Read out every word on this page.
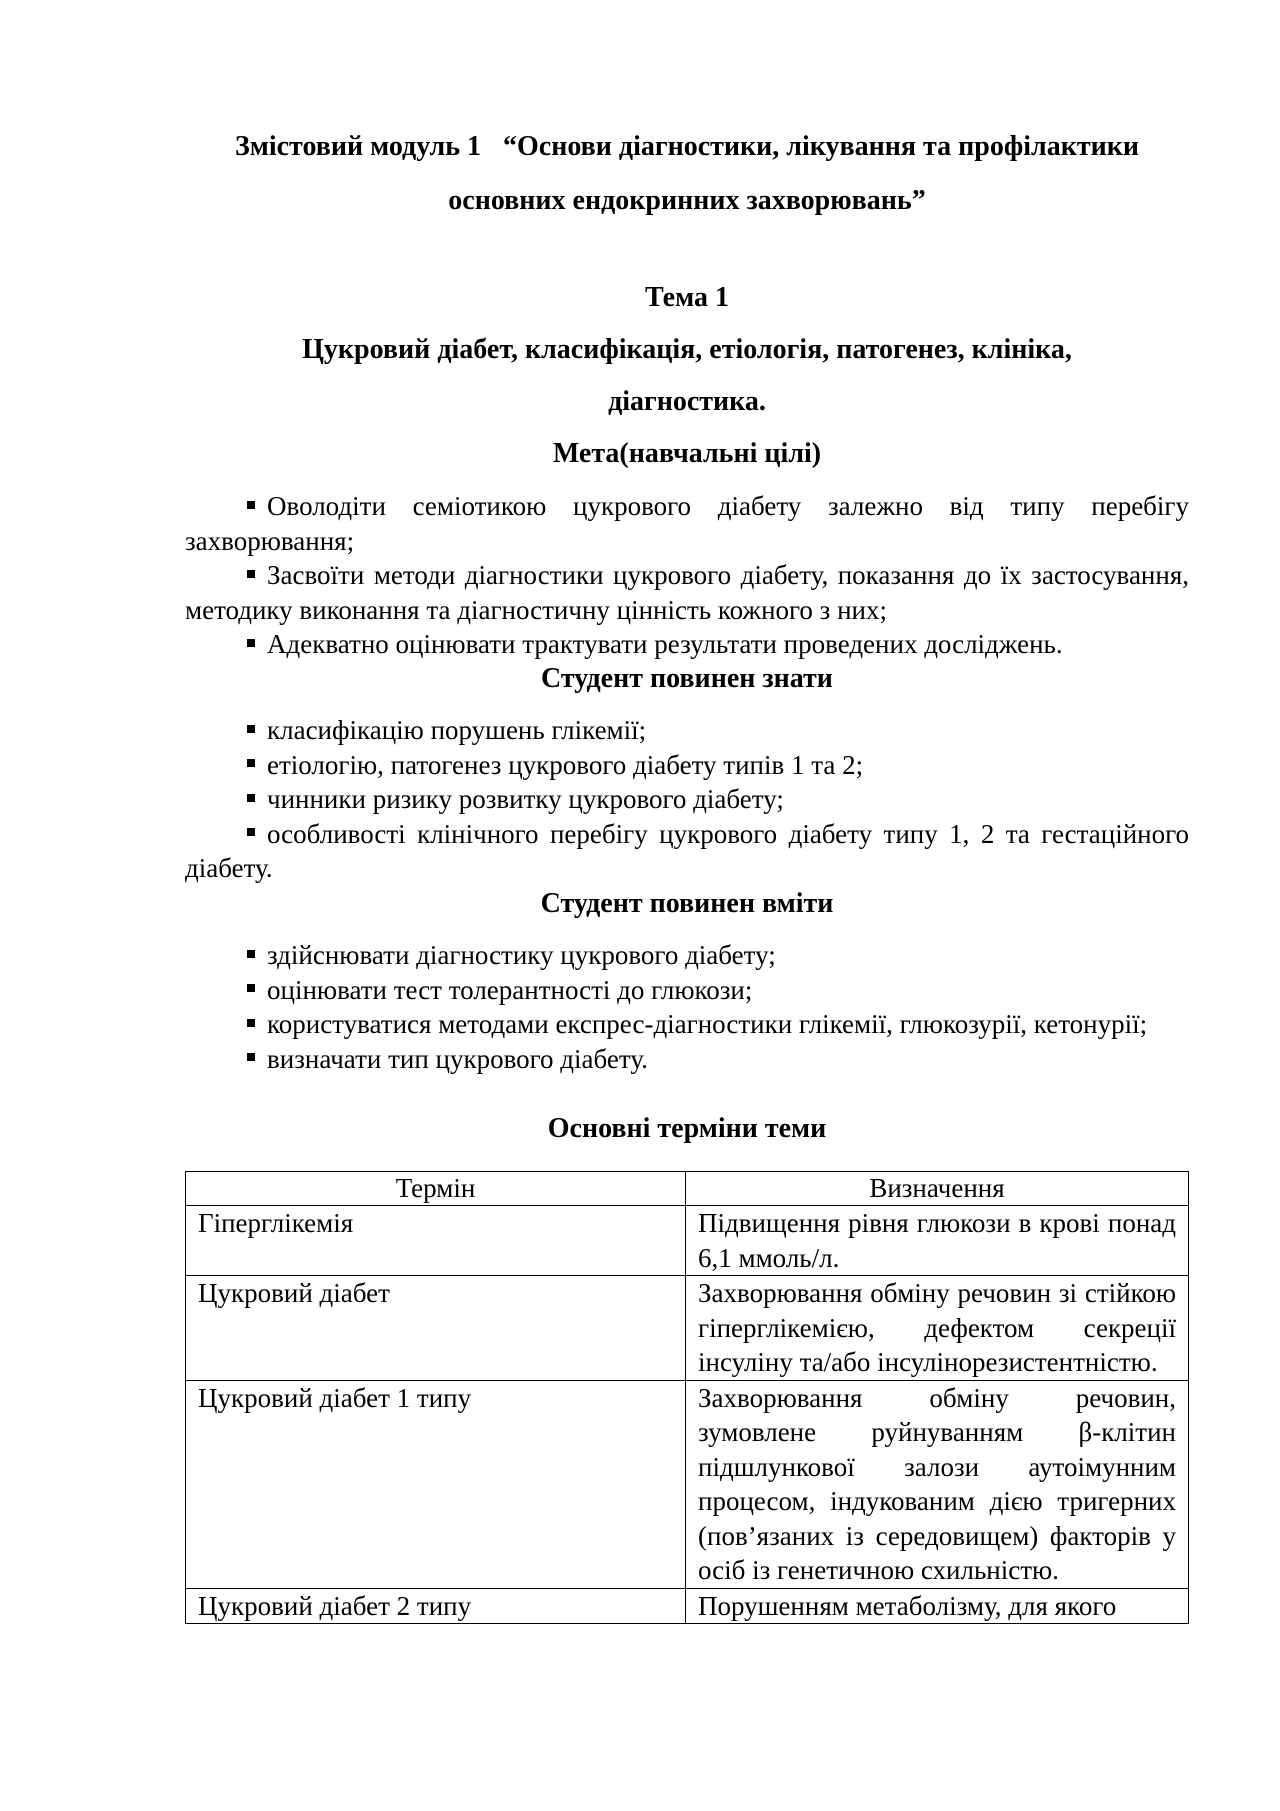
Змістовий модуль 1 “Основи діагностики, лікування та профілактики
основних ендокринних захворювань”
Тема 1
Цукровий діабет, класифікація, етіологія, патогенез, клініка,
діагностика.
Мета(навчальні цілі)
Оволодіти семіотикою цукрового діабету залежно від типу перебігу захворювання;
Засвоїти методи діагностики цукрового діабету, показання до їх застосування, методику виконання та діагностичну цінність кожного з них;
Адекватно оцінювати трактувати результати проведених досліджень.
Студент повинен знати
класифікацію порушень глікемії;
етіологію, патогенез цукрового діабету типів 1 та 2;
чинники ризику розвитку цукрового діабету;
особливості клінічного перебігу цукрового діабету типу 1, 2 та гестаційного діабету.
Студент повинен вміти
здійснювати діагностику цукрового діабету;
оцінювати тест толерантності до глюкози;
користуватися методами експрес-діагностики глікемії, глюкозурії, кетонурії;
визначати тип цукрового діабету.
Основні терміни теми
Термін	Визначення
Гіперглікемія	Підвищення рівня глюкози в крові понад 6,1 ммоль/л.
Цукровий діабет	Захворювання обміну речовин зі стійкою гіперглікемією, дефектом секреції інсуліну та/або інсулінорезистентністю.
Цукровий діабет 1 типу	Захворювання обміну речовин, зумовлене руйнуванням β-клітин підшлункової залози аутоімунним процесом, індукованим дією тригерних (пов’язаних із середовищем) факторів у осіб із генетичною схильністю.
Цукровий діабет 2 типу	Порушенням метаболізму, для якого
